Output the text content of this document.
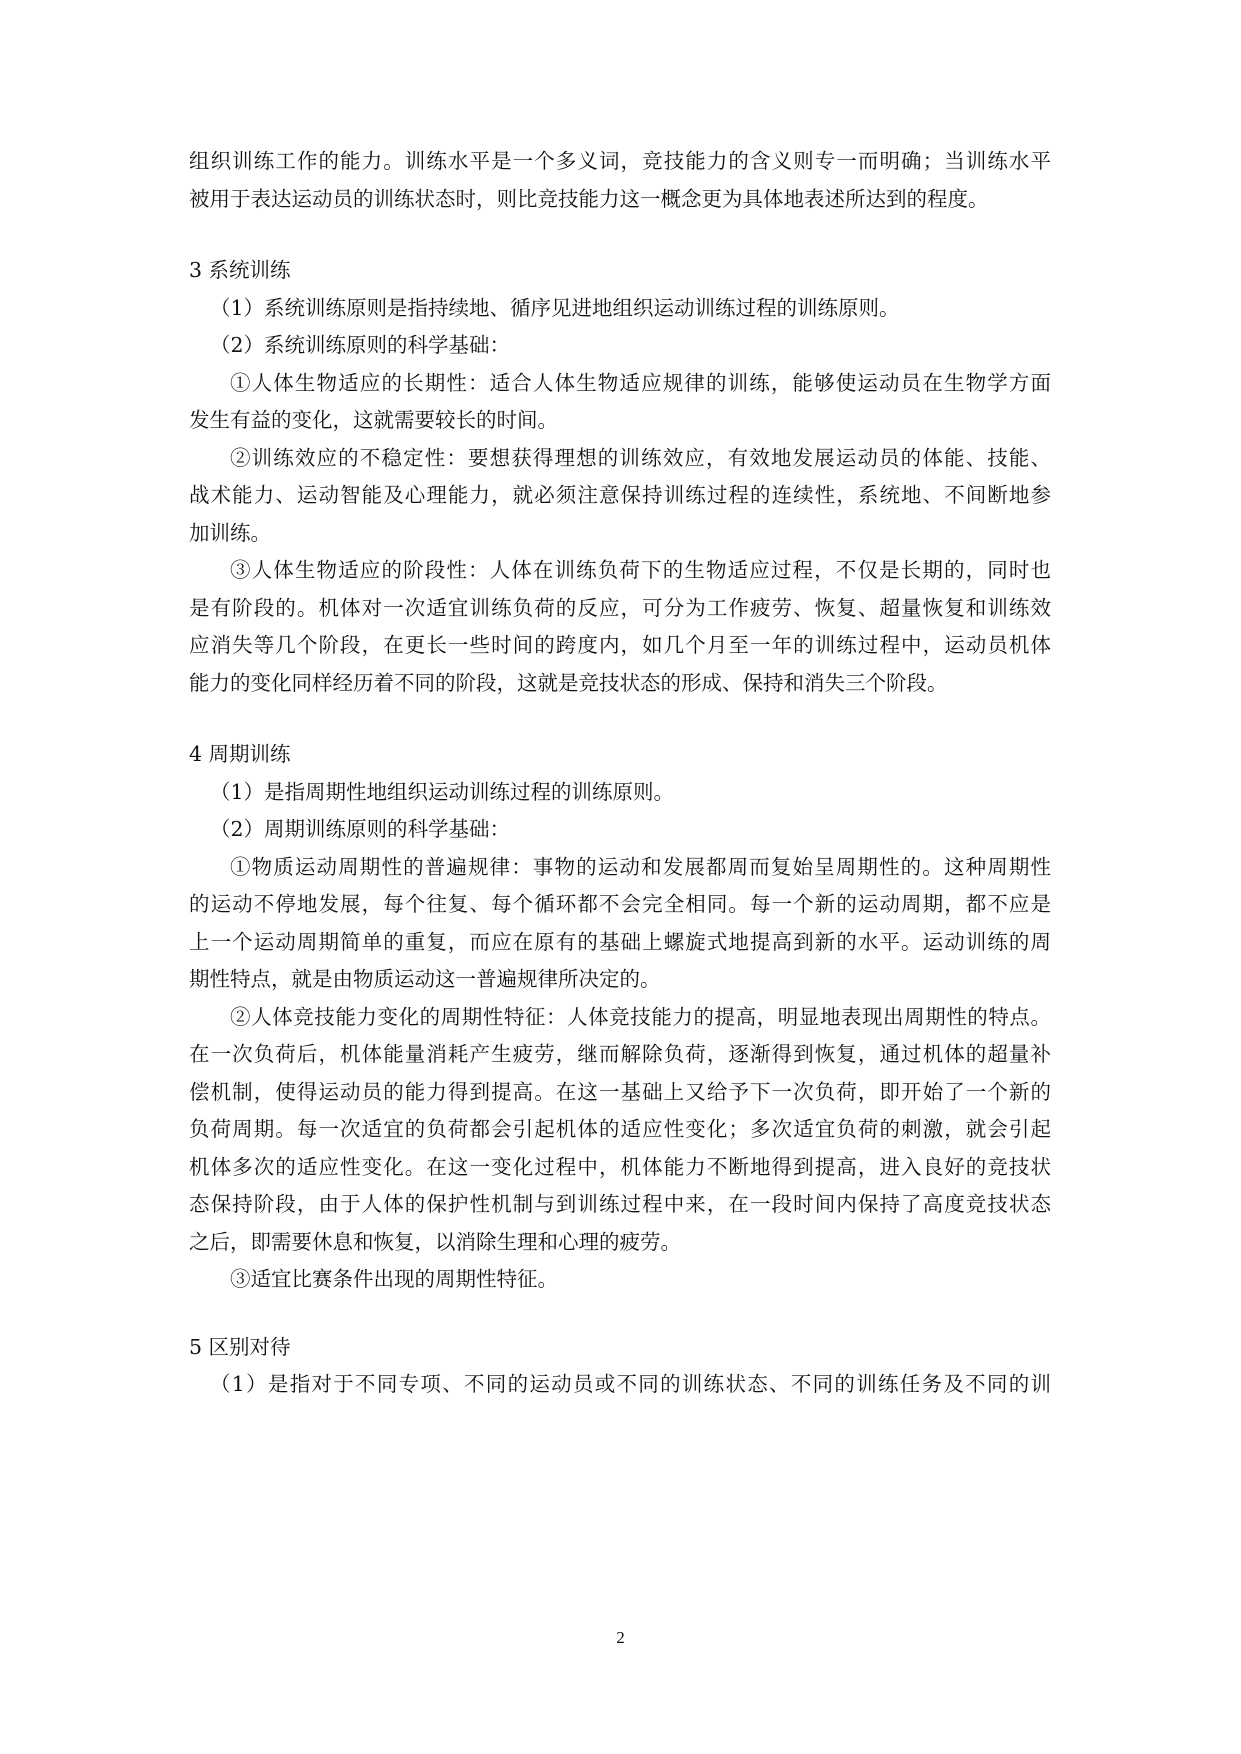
组织训练工作的能力。训练水平是一个多义词，竞技能力的含义则专一而明确；当训练水平
被用于表达运动员的训练状态时，则比竞技能力这一概念更为具体地表述所达到的程度。
3 系统训练
（1）系统训练原则是指持续地、循序见进地组织运动训练过程的训练原则。
（2）系统训练原则的科学基础：
①人体生物适应的长期性：适合人体生物适应规律的训练，能够使运动员在生物学方面
发生有益的变化，这就需要较长的时间。
②训练效应的不稳定性：要想获得理想的训练效应，有效地发展运动员的体能、技能、
战术能力、运动智能及心理能力，就必须注意保持训练过程的连续性，系统地、不间断地参
加训练。
③人体生物适应的阶段性：人体在训练负荷下的生物适应过程，不仅是长期的，同时也
是有阶段的。机体对一次适宜训练负荷的反应，可分为工作疲劳、恢复、超量恢复和训练效
应消失等几个阶段，在更长一些时间的跨度内，如几个月至一年的训练过程中，运动员机体
能力的变化同样经历着不同的阶段，这就是竞技状态的形成、保持和消失三个阶段。
4 周期训练
（1）是指周期性地组织运动训练过程的训练原则。
（2）周期训练原则的科学基础：
①物质运动周期性的普遍规律：事物的运动和发展都周而复始呈周期性的。这种周期性
的运动不停地发展，每个往复、每个循环都不会完全相同。每一个新的运动周期，都不应是
上一个运动周期简单的重复，而应在原有的基础上螺旋式地提高到新的水平。运动训练的周
期性特点，就是由物质运动这一普遍规律所决定的。
②人体竞技能力变化的周期性特征：人体竞技能力的提高，明显地表现出周期性的特点。
在一次负荷后，机体能量消耗产生疲劳，继而解除负荷，逐渐得到恢复，通过机体的超量补
偿机制，使得运动员的能力得到提高。在这一基础上又给予下一次负荷，即开始了一个新的
负荷周期。每一次适宜的负荷都会引起机体的适应性变化；多次适宜负荷的刺激，就会引起
机体多次的适应性变化。在这一变化过程中，机体能力不断地得到提高，进入良好的竞技状
态保持阶段，由于人体的保护性机制与到训练过程中来，在一段时间内保持了高度竞技状态
之后，即需要休息和恢复，以消除生理和心理的疲劳。
③适宜比赛条件出现的周期性特征。
5 区别对待
（1）是指对于不同专项、不同的运动员或不同的训练状态、不同的训练任务及不同的训
2
